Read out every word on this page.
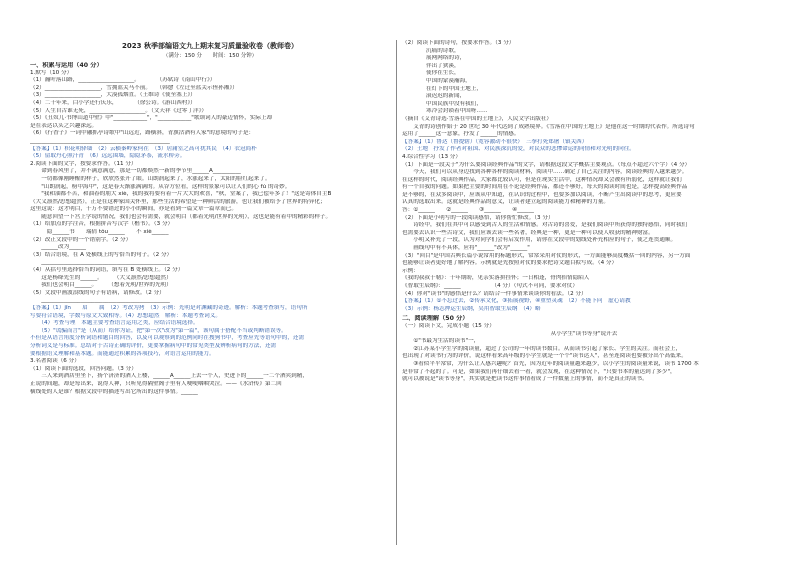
2023 秋季部编语文九上期末复习质量验收卷（教师卷）
（满分：150 分　　时间：150 分钟）
一、积累与运用（40 分）
1.默写（10 分）
（1）瀚叶落山路，____________________。　　　　（苏轼诗《南山中行》）
（2）____________________，雪拥蓝关马不前。　　（韩愈《左迁至蓝关示侄孙湘》）
（3）____________________，大漠孤烟直。（王维诗《使至塞上》）
（4）二十年来，白小学还行庆乐，　　　　（徐公诗。《游山西村》）
（5）人生自古谁无死，____________________。（文天祥《过零丁洋》）
（5）《丑奴儿·书博山道中壁》中"____________"，"____________"歌颂词人的豪迈情怀，实际上却
是在表达以头之兴趣深远。
（6）《行香子》一词中融抓亭诗歌中"山远近，路横斜，青旗沽酒有人家"的意境的句子是：
__________________________________________________
【答案】（1）枳花明驿墙　（2）云横秦岭家何在　（3）居庸室之高可扰其民　（4）衣冠简朴
（5）留取丹心照汗青　（6）远远围墙，隐隐茅茶，流水桥旁。
2.阅读下面的文字，按要求作答。（11 分）
　　命到春风里了，并不满意满意，那是一切都焕然一新的季节里______A__________
　　一切都像刚睡醒的样子，欣欣然张开了眼。山朗润起来了，水涨起来了，太阳的脸红起来了。
　　"山朗润起，榜中海中"，这是春天渐涨满满的。从谷方位看，这样的景象可以让人们的心 fú 的奇妙。
　　"我和油都不苦，和油春的朋大 xiè，我的我将要有着一片大大的欢喜，"秋，堂案了，我已偿年多了！"这是寄体自主B
（大义凛然/思想超然），正是在这种家国关怀里，那些生活的希望是一种鲜活的旅游，也让我们被给予了世界的特异化；
这里这说：这才明白，千万不要错过的小小的瞬间，亦是看到一篇文章一篇章而已。
　　随意回望一下宫上学说的情况，我们也会有需要，就会明白（都着光明/世界的光明），这也是能有着中的精彩的样子。
（1）给加点的字注音，根据拼音写汉字（楷书）。（3 分）
　　　隐______书　　瑞倩 tǒu______　　不 xiè______
（2）改正文段中的一个错别字。（2 分）
　　______改为______
（3）结合语境，在 A 处横线上的写恰当的句子。（2 分）
　　______________________________________________
（4）从括号里选择恰当的词语，填写在 B 处横线上。（2 分）
　　这是杨绛先生的______。　　　（大义凛然/思想超然）
　　我们也会明白______。　　　（想着光明/世界的光明）
（5）文段中画波浪线的句子有语病，请修改。（2 分）
　　______________________________________________
【答案】（1）jīn　　眉　　属　（2）考改为拷　（3）示例：光明是对渊藏的奇迹。解析：本题考查填写，语句所
写要符合语境，字数与原文大致相等。（4）思想超然　解析：本题考查词义。
　　（4）考查与理　本题主要考查语言运用之类，应结合语境选择。
　　（5）"谎骗而言"是（从而）给你为证，把"第一次"改为"第一篇"，该句属于搭配不当或判断错误等。
不但是从语言角度分析词语和题目的回答，以及可以观察到的范例同时在搜狗书中，考查应先等语句中的，还需
分析词义是与标准。总结对于古诗正确的评价，更要掌握病句中的常见类型及辨析病句的方法，还需
要根据语义理解和基本题。而能通过积累的各项技巧，对语言运用的能力。
3.名著阅读（6 分）
（1）阅读下面的选段，回答问题。（3 分）
　　三人来到酒店里坐下，扬个济济的酒人上楼，______A______上去一个人，史进下的______一二个酒宾到精，
正说的间题，却是每出来，说得人神，只听见得隔壁阁子里有人哽哽咽咽哭泣。——《水浒传》第二回
横线处的人是谁？根据文段中的描述写出它所出的这件事情。______
（2）阅读下面的诗句，按要求作答。（3 分）
沉痛的诗歌，
展网网络的诗，
伴出了狭溪，
使你在生长，
中国的蒙漠瀚海，
在灯下的中国土地上，
滚迟迟的新闻，
中国民族中没有我们，
寒冷会封锁着中国呀……
（摘自《艾青诗选·雪落在中国的土地上》，人民文学出版社）
　　艾青的诗创作始于 20 世纪 30 年代达到了成熟境界。《雪落在中国的土地上》是他在这一时期的代表作。所选诗句
运用了______这一意象，抒发了______的情感。
【答案】（1）鲁达（鲁提辖）（宽容激动不很快）　三拳打死郑屠（镇关西）
（2）土地　抒发了作者对祖国、对民族深沉的爱，对民众的悲惨命运的同情和对光明的向往。
4.综合性学习（13 分）
（1）下面是一段关于"为什么要阅读经典作品"的文字，请根据这段文字概括主要观点。（每点不超过六个字）（4 分）
　　今天，我们可以从身边找到各种各样的阅读材料，阅读中……确定了自己关注的内容，阅读经典的人越来越少。
在这样的时代，阅读经典作品，大家都比较认可，但是在现实生活中，这种情况却又会被有所弱化，这样就让我们
有一个自我的问题。如果把主要的时间用在不论是经典作品，都还不够好，每天的阅读时间也是，怎样提高经典作品
是不够的，在众多阅读中，应该从中知道，在认识的过程中，也要多加以阅读，不断产生出阅读中的思考，更应要
认真的选取出来。这就是经典作品的意义，让读者建立起的阅读能力和精神的力量。
答：①______　　②______　　③______　　④______
（2）下面是小明写的一段阅读感悟，请你帮忙修改。（3 分）
　　诗经中，我们在其中可以感受到古人的生活和情感。对古诗的喜爱，是我们阅读中所获得的独特感悟，同时我们
也需要去认识一些古诗文，我们应该去读一些名著，经典是一种，更是一种可以使人收获的精神财富。
　　小明又补充了一段，认为对同学们会有启发作用，请你在文段中的划线处补充相应的句子，使之连贯通顺。
　　画线句中有不具体，应将"______"改为"______"
（3）"回目"是中国古典长篇小说常用的标题形式，常常采用对仗的形式，一方面能够高度概括一回的内容，另一方面
也能够让读者更好地了解内容。示例就是先按照对仗的要求把诗文题目拟写成。（4 分）
示例：
《我的叔叔于勒》：十年期盼，见亲实落拼挂怀；一日相逢，骨肉抬情隐陌人
《智取生辰纲》：______　　　　　　（4 分）（句式不可同，要求对仗）
（4）你对"读书"的感悟是什么？请结合一件事情来谈谈你的看法。（2 分）
【答案】（1）①不忘过去，②传承文化，③拓展视野，④重塑灵魂　（2）不能下问　虚心请教
（3）示例：杨志押运生辰纲，吴用智取生辰纲　（4）略
二、阅读理解（50 分）
（一）阅读下文，完成小题（15 分）
从小学生"读书等身"说开去
　　①"书最为生活的读书"一，　　
　　②江苏某小学生学的阅读量，超过了公司的一年的读书数目。从而读书引起了家长、学生的关注。而社会上，
也出现了对读书行为的评价，说这样看来高年级的小学生就是一个个"读书达人"，甚至连阅读也要被分出个高低来。
　　③看似平平常常，为什么让人感兴趣呢？首先，因为近年的阅读量越来越少，以小学生的阅读量来说，读书 1700 本
是非常了不起的了。可是，如果我们再仔细去看一看，就会发现，在这种情况下，"只要书本的量达到了多少"，
就可以被说是"读书等身"，其实就是把读书这件事情看成了一件数量上的事情，而不是真正的读书。
